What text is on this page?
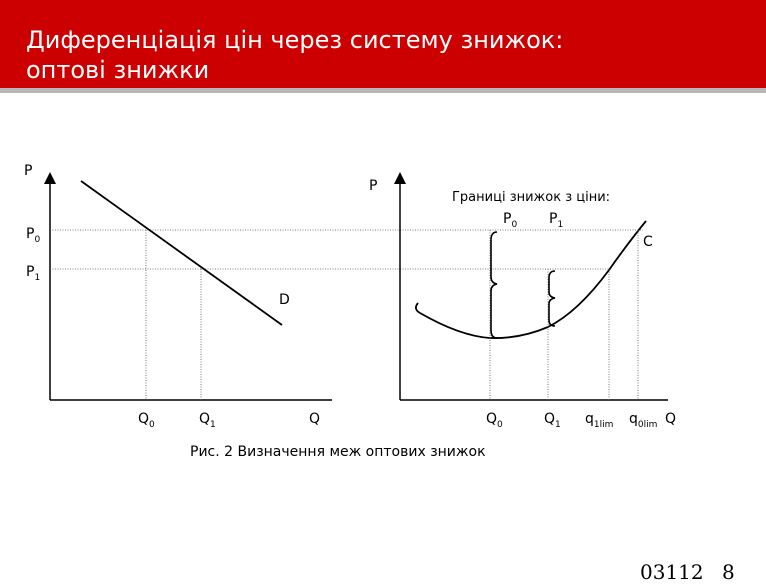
Диференціація цін через систему знижок:
оптові знижки
P
$P_0$
$P_1$
D
$Q_0$	$Q_1$	Q
P
Границі знижок з ціни:
$P_0$ $P_1$
C
$Q_0$	$Q_1$ $q_{1lim}$ $q_{0lim}$ Q
Рис. 2 Визначення меж оптових знижок
03112 8
